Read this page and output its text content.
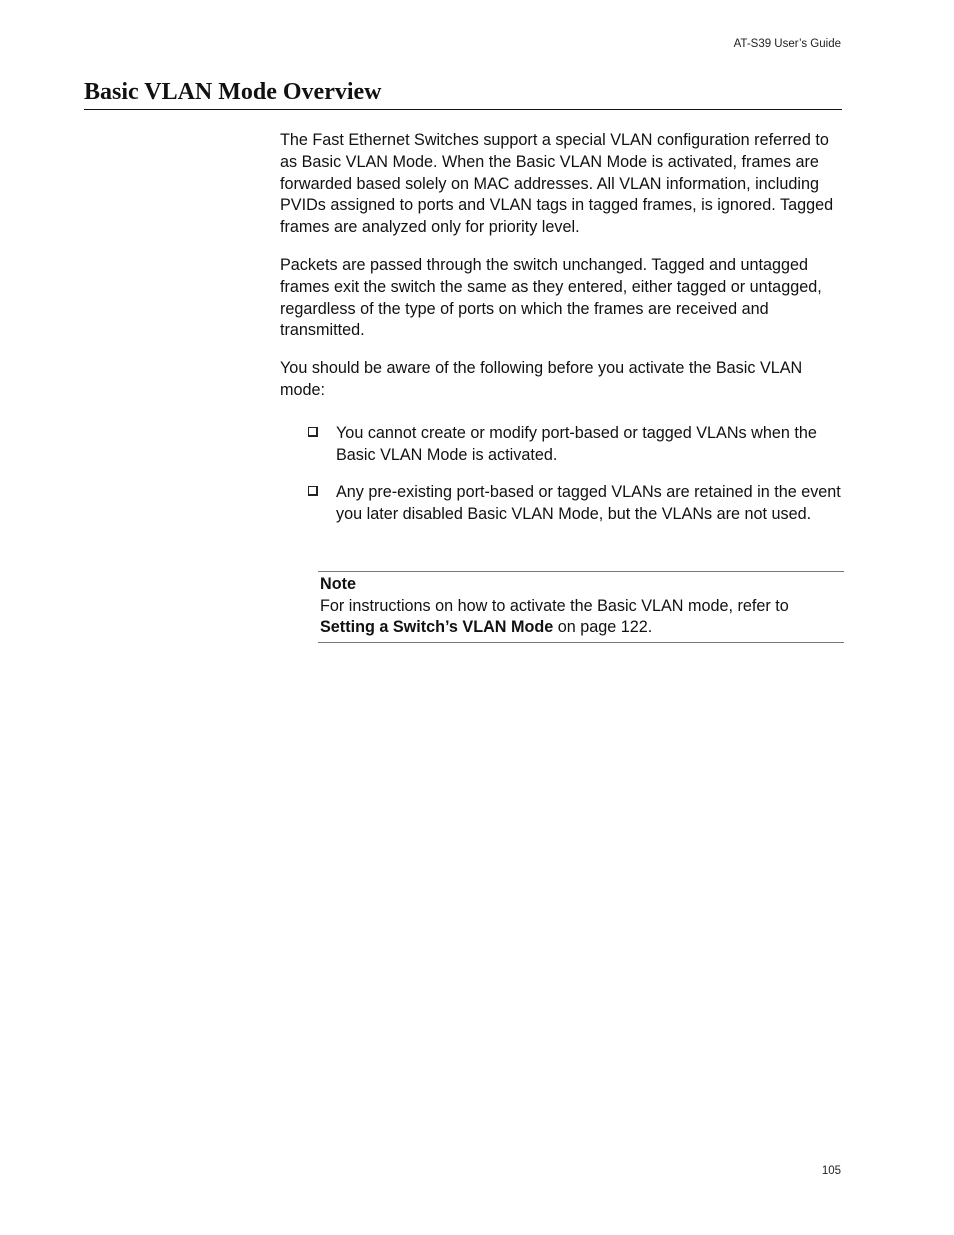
AT-S39 User’s Guide
Basic VLAN Mode Overview

The Fast Ethernet Switches support a special VLAN configuration referred to as Basic VLAN Mode. When the Basic VLAN Mode is activated, frames are forwarded based solely on MAC addresses. All VLAN information, including PVIDs assigned to ports and VLAN tags in tagged frames, is ignored. Tagged frames are analyzed only for priority level.

Packets are passed through the switch unchanged. Tagged and untagged frames exit the switch the same as they entered, either tagged or untagged, regardless of the type of ports on which the frames are received and transmitted.

You should be aware of the following before you activate the Basic VLAN mode:

You cannot create or modify port-based or tagged VLANs when the Basic VLAN Mode is activated.
Any pre-existing port-based or tagged VLANs are retained in the event you later disabled Basic VLAN Mode, but the VLANs are not used.
Note
For instructions on how to activate the Basic VLAN mode, refer to Setting a Switch’s VLAN Mode on page 122.
105
